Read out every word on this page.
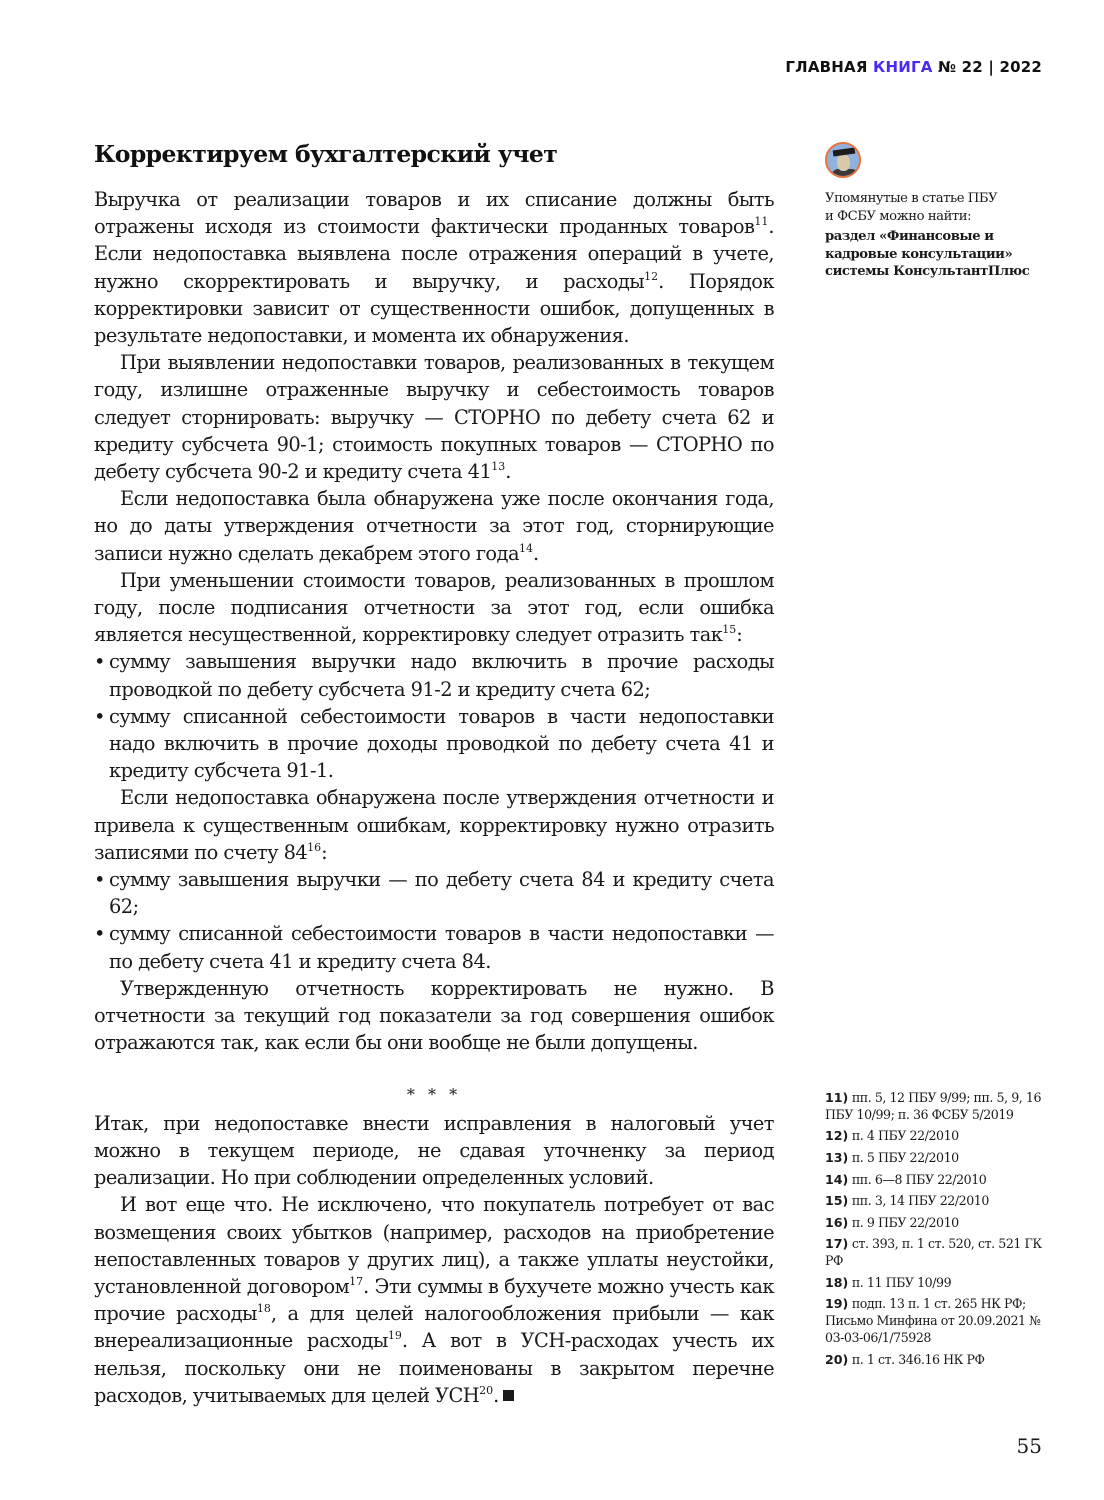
ГЛАВНАЯ КНИГА № 22 | 2022
Корректируем бухгалтерский учет

Выручка от реализации товаров и их списание должны быть отражены исходя из стоимости фактически проданных товаров$^{11}$. Если недопоставка выявлена после отражения операций в учете, нужно скорректировать и выручку, и расходы$^{12}$. Порядок корректировки зависит от существенности ошибок, допущенных в результате недопоставки, и момента их обнаружения.

При выявлении недопоставки товаров, реализованных в текущем году, излишне отраженные выручку и себестоимость товаров следует сторнировать: выручку — СТОРНО по дебету счета 62 и кредиту субсчета 90-1; стоимость покупных товаров — СТОРНО по дебету субсчета 90-2 и кредиту счета $41^{13}$.

Если недопоставка была обнаружена уже после окончания года, но до даты утверждения отчетности за этот год, сторнирующие записи нужно сделать декабрем этого года$^{14}$.

При уменьшении стоимости товаров, реализованных в прошлом году, после подписания отчетности за этот год, если ошибка является несущественной, корректировку следует отразить так$^{15}$:

• сумму завышения выручки надо включить в прочие расходы проводкой по дебету субсчета 91-2 и кредиту счета 62;
• сумму списанной себестоимости товаров в части недопоставки надо включить в прочие доходы проводкой по дебету счета 41 и кредиту субсчета 91-1.

Если недопоставка обнаружена после утверждения отчетности и привела к существенным ошибкам, корректировку нужно отразить записями по счету $84^{16}$:

• сумму завышения выручки — по дебету счета 84 и кредиту счета 62;
• сумму списанной себестоимости товаров в части недопоставки — по дебету счета 41 и кредиту счета 84.

Утвержденную отчетность корректировать не нужно. В отчетности за текущий год показатели за год совершения ошибок отражаются так, как если бы они вообще не были допущены.

* * *

Итак, при недопоставке внести исправления в налоговый учет можно в текущем периоде, не сдавая уточненку за период реализации. Но при соблюдении определенных условий.

И вот еще что. Не исключено, что покупатель потребует от вас возмещения своих убытков (например, расходов на приобретение непоставленных товаров у других лиц), а также уплаты неустойки, установленной договором$^{17}$. Эти суммы в бухучете можно учесть как прочие расходы$^{18}$, а для целей налогообложения прибыли — как внереализационные расходы$^{19}$. А вот в УСН-расходах учесть их нельзя, поскольку они не поименованы в закрытом перечне расходов, учитываемых для целей УСН$^{20}$.

Упомянутые в статье ПБУ
и ФСБУ можно найти:
раздел «Финансовые и кадровые консультации» системы КонсультантПлюс
11) пп. 5, 12 ПБУ 9/99; пп. 5, 9, 16 ПБУ 10/99; п. 36 ФСБУ 5/2019
12) п. 4 ПБУ 22/2010
13) п. 5 ПБУ 22/2010
14) пп. 6—8 ПБУ 22/2010
15) пп. 3, 14 ПБУ 22/2010
16) п. 9 ПБУ 22/2010
17) ст. 393, п. 1 ст. 520, ст. 521 ГК РФ
18) п. 11 ПБУ 10/99
19) подп. 13 п. 1 ст. 265 НК РФ; Письмо Минфина от 20.09.2021 № 03-03-06/1/75928
20) п. 1 ст. 346.16 НК РФ
55
